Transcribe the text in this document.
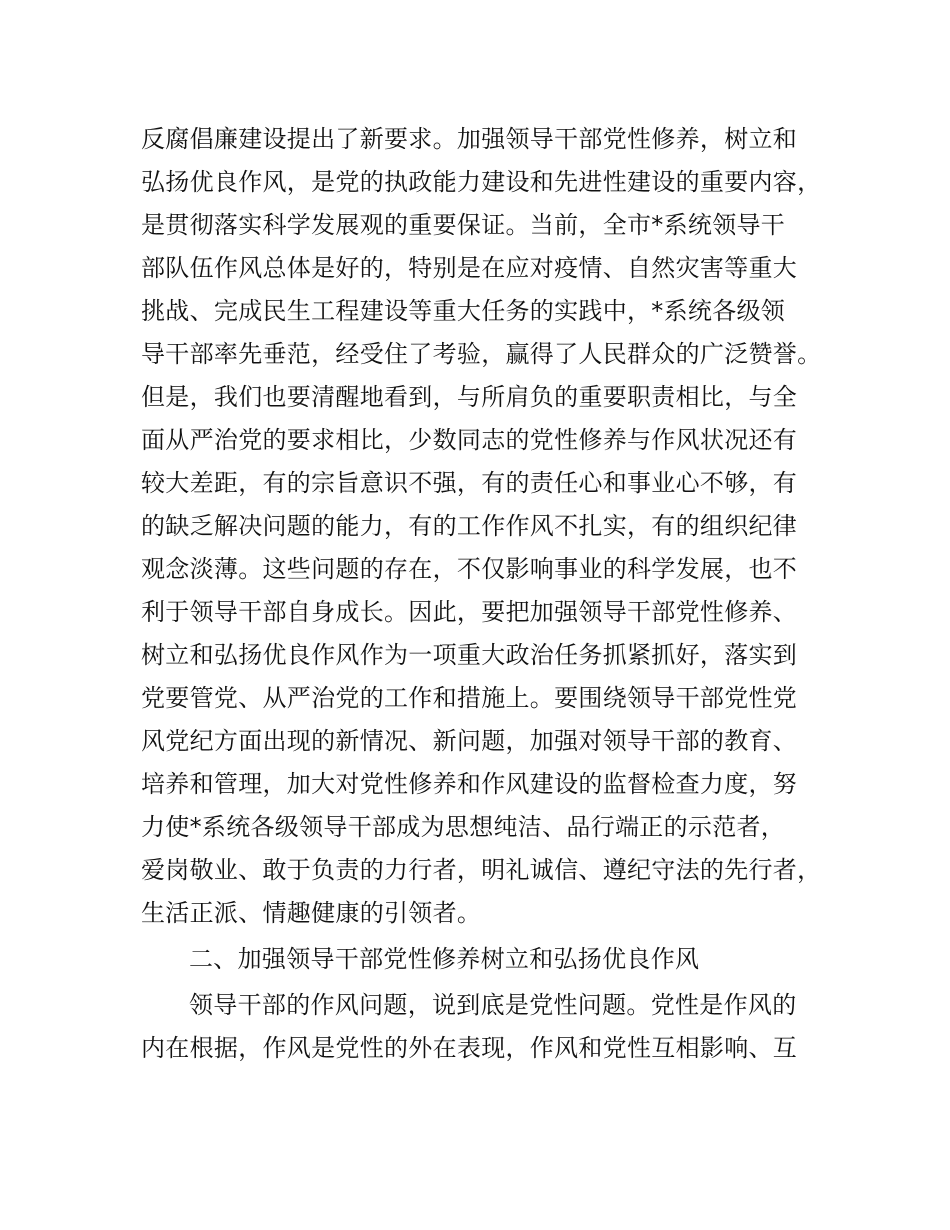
反腐倡廉建设提出了新要求。加强领导干部党性修养，树立和
弘扬优良作风，是党的执政能力建设和先进性建设的重要内容，
是贯彻落实科学发展观的重要保证。当前，全市*系统领导干
部队伍作风总体是好的，特别是在应对疫情、自然灾害等重大
挑战、完成民生工程建设等重大任务的实践中，*系统各级领
导干部率先垂范，经受住了考验，赢得了人民群众的广泛赞誉。
但是，我们也要清醒地看到，与所肩负的重要职责相比，与全
面从严治党的要求相比，少数同志的党性修养与作风状况还有
较大差距，有的宗旨意识不强，有的责任心和事业心不够，有
的缺乏解决问题的能力，有的工作作风不扎实，有的组织纪律
观念淡薄。这些问题的存在，不仅影响事业的科学发展，也不
利于领导干部自身成长。因此，要把加强领导干部党性修养、
树立和弘扬优良作风作为一项重大政治任务抓紧抓好，落实到
党要管党、从严治党的工作和措施上。要围绕领导干部党性党
风党纪方面出现的新情况、新问题，加强对领导干部的教育、
培养和管理，加大对党性修养和作风建设的监督检查力度，努
力使*系统各级领导干部成为思想纯洁、品行端正的示范者，
爱岗敬业、敢于负责的力行者，明礼诚信、遵纪守法的先行者，
生活正派、情趣健康的引领者。
二、加强领导干部党性修养树立和弘扬优良作风
领导干部的作风问题，说到底是党性问题。党性是作风的
内在根据，作风是党性的外在表现，作风和党性互相影响、互
